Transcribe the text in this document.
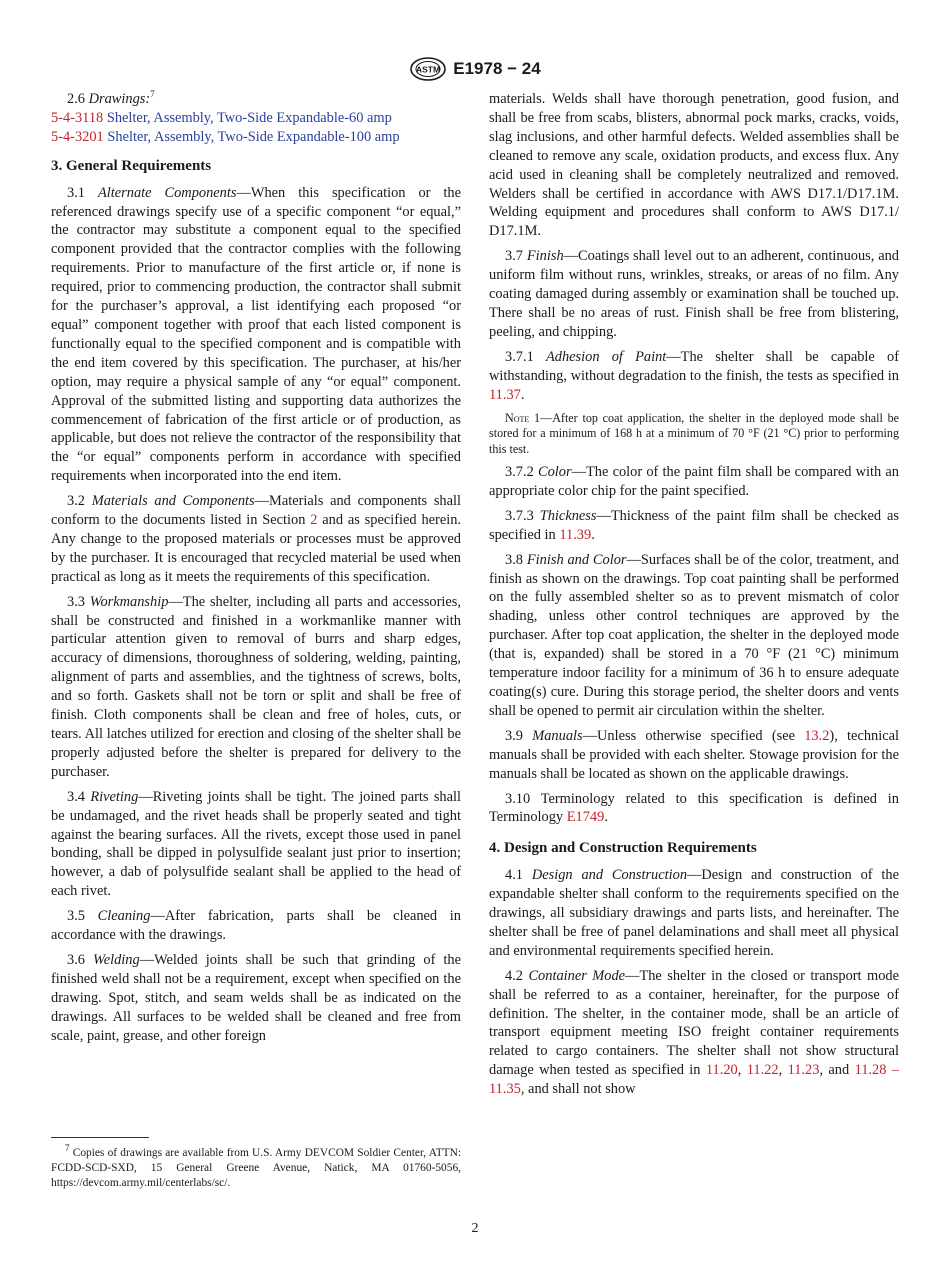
ASTM E1978 − 24

2.6 Drawings:$^7$

5-4-3118 Shelter, Assembly, Two-Side Expandable-60 amp

5-4-3201 Shelter, Assembly, Two-Side Expandable-100 amp

3. General Requirements

3.1 Alternate Components—When this specification or the referenced drawings specify use of a specific component “or equal,” the contractor may substitute a component equal to the specified component provided that the contractor complies with the following requirements. Prior to manufacture of the first article or, if none is required, prior to commencing production, the contractor shall submit for the purchaser’s approval, a list identifying each proposed “or equal” component together with proof that each listed component is functionally equal to the specified component and is compatible with the end item covered by this specification. The purchaser, at his/her option, may require a physical sample of any “or equal” component. Approval of the submitted listing and supporting data authorizes the commencement of fabrication of the first article or of production, as applicable, but does not relieve the contractor of the responsibility that the “or equal” components perform in accordance with specified requirements when incorporated into the end item.

3.2 Materials and Components—Materials and components shall conform to the documents listed in Section 2 and as specified herein. Any change to the proposed materials or processes must be approved by the purchaser. It is encouraged that recycled material be used when practical as long as it meets the requirements of this specification.

3.3 Workmanship—The shelter, including all parts and accessories, shall be constructed and finished in a workmanlike manner with particular attention given to removal of burrs and sharp edges, accuracy of dimensions, thoroughness of soldering, welding, painting, alignment of parts and assemblies, and the tightness of screws, bolts, and so forth. Gaskets shall not be torn or split and shall be free of finish. Cloth components shall be clean and free of holes, cuts, or tears. All latches utilized for erection and closing of the shelter shall be properly adjusted before the shelter is prepared for delivery to the purchaser.

3.4 Riveting—Riveting joints shall be tight. The joined parts shall be undamaged, and the rivet heads shall be properly seated and tight against the bearing surfaces. All the rivets, except those used in panel bonding, shall be dipped in polysulfide sealant just prior to insertion; however, a dab of polysulfide sealant shall be applied to the head of each rivet.

3.5 Cleaning—After fabrication, parts shall be cleaned in accordance with the drawings.

3.6 Welding—Welded joints shall be such that grinding of the finished weld shall not be a requirement, except when specified on the drawing. Spot, stitch, and seam welds shall be as indicated on the drawings. All surfaces to be welded shall be cleaned and free from scale, paint, grease, and other foreign

materials. Welds shall have thorough penetration, good fusion, and shall be free from scabs, blisters, abnormal pock marks, cracks, voids, slag inclusions, and other harmful defects. Welded assemblies shall be cleaned to remove any scale, oxidation products, and excess flux. Any acid used in cleaning shall be completely neutralized and removed. Welders shall be certified in accordance with AWS D17.1/D17.1M. Welding equipment and procedures shall conform to AWS D17.1/ D17.1M.

3.7 Finish—Coatings shall level out to an adherent, continuous, and uniform film without runs, wrinkles, streaks, or areas of no film. Any coating damaged during assembly or examination shall be touched up. There shall be no areas of rust. Finish shall be free from blistering, peeling, and chipping.

3.7.1 Adhesion of Paint—The shelter shall be capable of withstanding, without degradation to the finish, the tests as specified in 11.37.

Note 1—After top coat application, the shelter in the deployed mode shall be stored for a minimum of 168 h at a minimum of 70 °F (21 °C) prior to performing this test.

3.7.2 Color—The color of the paint film shall be compared with an appropriate color chip for the paint specified.

3.7.3 Thickness—Thickness of the paint film shall be checked as specified in 11.39.

3.8 Finish and Color—Surfaces shall be of the color, treatment, and finish as shown on the drawings. Top coat painting shall be performed on the fully assembled shelter so as to prevent mismatch of color shading, unless other control techniques are approved by the purchaser. After top coat application, the shelter in the deployed mode (that is, expanded) shall be stored in a 70 °F (21 °C) minimum temperature indoor facility for a minimum of 36 h to ensure adequate coating(s) cure. During this storage period, the shelter doors and vents shall be opened to permit air circulation within the shelter.

3.9 Manuals—Unless otherwise specified (see 13.2), technical manuals shall be provided with each shelter. Stowage provision for the manuals shall be located as shown on the applicable drawings.

3.10 Terminology related to this specification is defined in Terminology E1749.

4. Design and Construction Requirements

4.1 Design and Construction—Design and construction of the expandable shelter shall conform to the requirements specified on the drawings, all subsidiary drawings and parts lists, and hereinafter. The shelter shall be free of panel delaminations and shall meet all physical and environmental requirements specified herein.

4.2 Container Mode—The shelter in the closed or transport mode shall be referred to as a container, hereinafter, for the purpose of definition. The shelter, in the container mode, shall be an article of transport equipment meeting ISO freight container requirements related to cargo containers. The shelter shall not show structural damage when tested as specified in 11.20, 11.22, 11.23, and 11.28 – 11.35, and shall not show

$^7$ Copies of drawings are available from U.S. Army DEVCOM Soldier Center, ATTN: FCDD-SCD-SXD, 15 General Greene Avenue, Natick, MA 01760-5056, https://devcom.army.mil/centerlabs/sc/.
2
